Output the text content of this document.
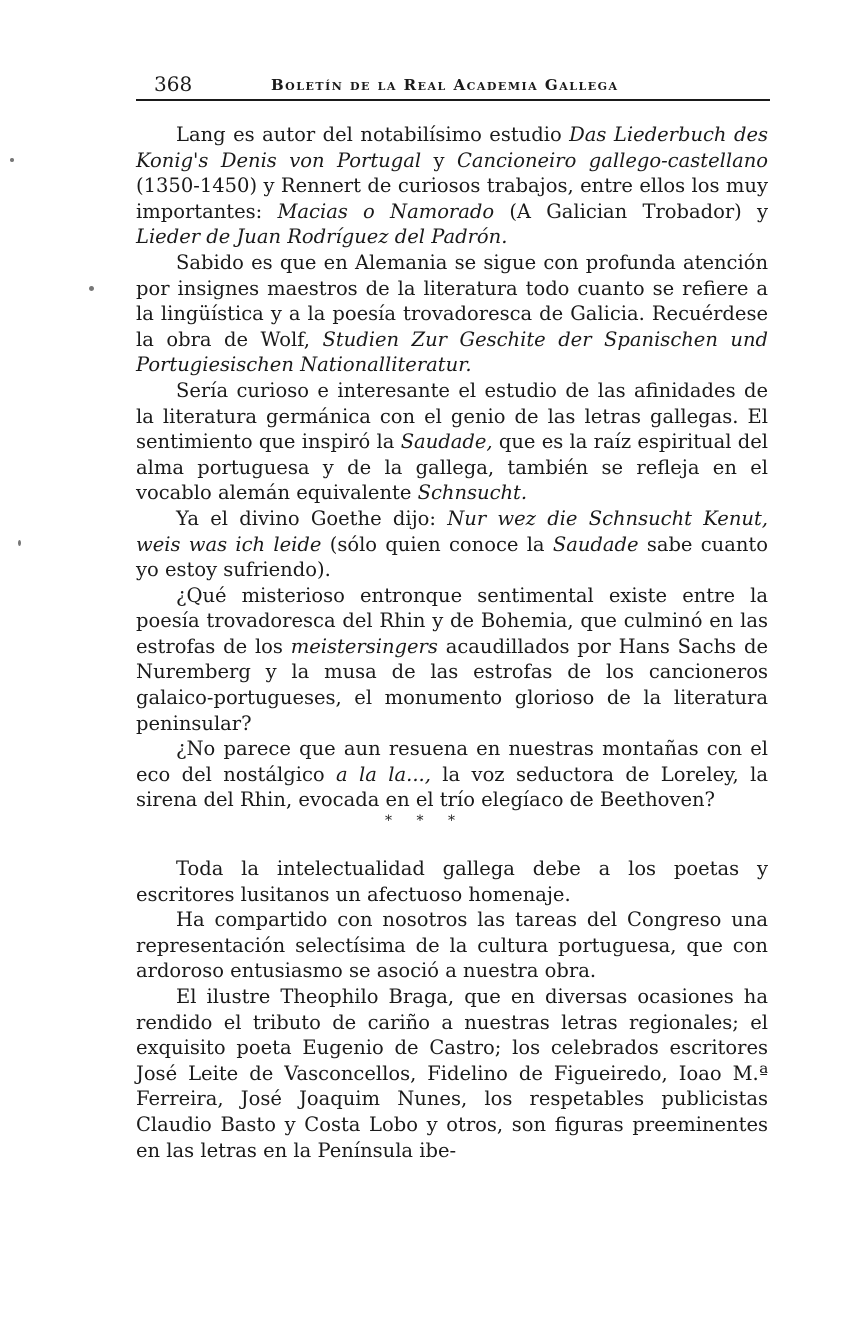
368	Boletín de la Real Academia Gallega

Lang es autor del notabilísimo estudio Das Liederbuch des Konig's Denis von Portugal y Cancioneiro gallego-castellano (1350-1450) y Rennert de curiosos trabajos, entre ellos los muy importantes: Macias o Namorado (A Galician Trobador) y Lieder de Juan Rodríguez del Padrón.

Sabido es que en Alemania se sigue con profunda atención por insignes maestros de la literatura todo cuanto se refiere a la lingüística y a la poesía trovadoresca de Galicia. Recuérdese la obra de Wolf, Studien Zur Geschite der Spanischen und Portugiesischen Nationalliteratur.

Sería curioso e interesante el estudio de las afinidades de la literatura germánica con el genio de las letras gallegas. El sentimiento que inspiró la Saudade, que es la raíz espiritual del alma portuguesa y de la gallega, también se refleja en el vocablo alemán equivalente Schnsucht.

Ya el divino Goethe dijo: Nur wez die Schnsucht Kenut, weis was ich leide (sólo quien conoce la Saudade sabe cuanto yo estoy sufriendo).

¿Qué misterioso entronque sentimental existe entre la poesía trovadoresca del Rhin y de Bohemia, que culminó en las estrofas de los meistersingers acaudillados por Hans Sachs de Nuremberg y la musa de las estrofas de los cancioneros galaico-portugueses, el monumento glorioso de la literatura peninsular?

¿No parece que aun resuena en nuestras montañas con el eco del nostálgico a la la..., la voz seductora de Loreley, la sirena del Rhin, evocada en el trío elegíaco de Beethoven?

* * *

Toda la intelectualidad gallega debe a los poetas y escritores lusitanos un afectuoso homenaje.

Ha compartido con nosotros las tareas del Congreso una representación selectísima de la cultura portuguesa, que con ardoroso entusiasmo se asoció a nuestra obra.

El ilustre Theophilo Braga, que en diversas ocasiones ha rendido el tributo de cariño a nuestras letras regionales; el exquisito poeta Eugenio de Castro; los celebrados escritores José Leite de Vasconcellos, Fidelino de Figueiredo, Ioao M.ª Ferreira, José Joaquim Nunes, los respetables publicistas Claudio Basto y Costa Lobo y otros, son figuras preeminentes en las letras en la Península ibe-
